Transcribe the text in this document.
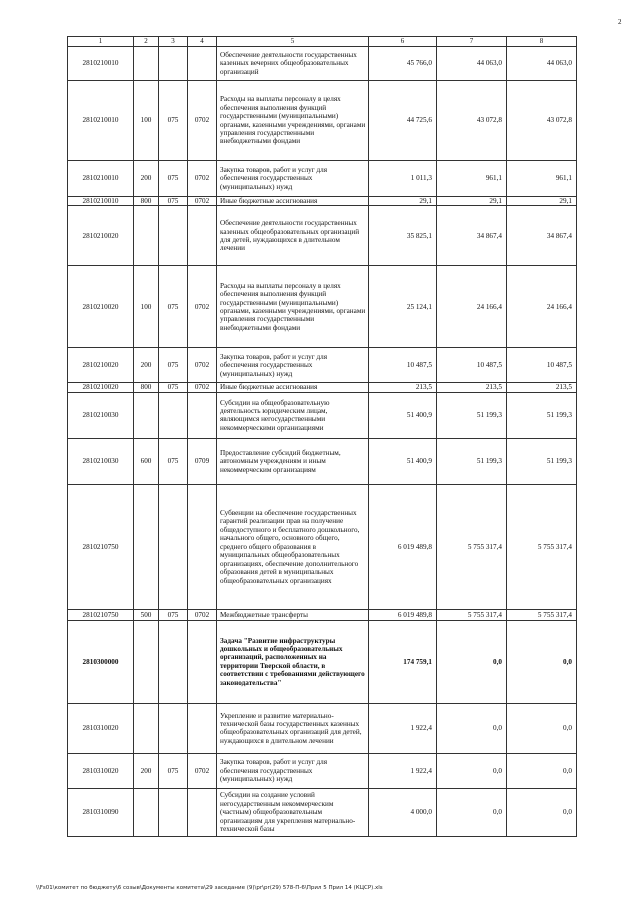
2
1	2	3	4	5	6	7	8
2810210010				Обеспечение деятельности государственных казенных вечерних общеобразовательных организаций	45 766,0	44 063,0	44 063,0
2810210010	100	075	0702	Расходы на выплаты персоналу в целях обеспечения выполнения функций государственными (муниципальными) органами, казенными учреждениями, органами управления государственными внебюджетными фондами	44 725,6	43 072,8	43 072,8
2810210010	200	075	0702	Закупка товаров, работ и услуг для обеспечения государственных (муниципальных) нужд	1 011,3	961,1	961,1
2810210010	800	075	0702	Иные бюджетные ассигнования	29,1	29,1	29,1
2810210020				Обеспечение деятельности государственных казенных общеобразовательных организаций для детей, нуждающихся в длительном лечении	35 825,1	34 867,4	34 867,4
2810210020	100	075	0702	Расходы на выплаты персоналу в целях обеспечения выполнения функций государственными (муниципальными) органами, казенными учреждениями, органами управления государственными внебюджетными фондами	25 124,1	24 166,4	24 166,4
2810210020	200	075	0702	Закупка товаров, работ и услуг для обеспечения государственных (муниципальных) нужд	10 487,5	10 487,5	10 487,5
2810210020	800	075	0702	Иные бюджетные ассигнования	213,5	213,5	213,5
2810210030				Субсидии на общеобразовательную деятельность юридическим лицам, являющимся негосударственными некоммерческими организациями	51 400,9	51 199,3	51 199,3
2810210030	600	075	0709	Предоставление субсидий бюджетным, автономным учреждениям и иным некоммерческим организациям	51 400,9	51 199,3	51 199,3
2810210750				Субвенции на обеспечение государственных гарантий реализации прав на получение общедоступного и бесплатного дошкольного, начального общего, основного общего, среднего общего образования в муниципальных общеобразовательных организациях, обеспечение дополнительного образования детей в муниципальных общеобразовательных организациях	6 019 489,8	5 755 317,4	5 755 317,4
2810210750	500	075	0702	Межбюджетные трансферты	6 019 489,8	5 755 317,4	5 755 317,4
2810300000				Задача "Развитие инфраструктуры дошкольных и общеобразовательных организаций, расположенных на территории Тверской области, в соответствии с требованиями действующего законодательства"	174 759,1	0,0	0,0
2810310020				Укрепление и развитие материально-технической базы государственных казенных общеобразовательных организаций для детей, нуждающихся в длительном лечении	1 922,4	0,0	0,0
2810310020	200	075	0702	Закупка товаров, работ и услуг для обеспечения государственных (муниципальных) нужд	1 922,4	0,0	0,0
2810310090				Субсидии на создание условий негосударственным некоммерческим (частным) общеобразовательным организациям для укрепления материально-технической базы	4 000,0	0,0	0,0
\\Fs01\комитет по бюджету\6 созыв\Документы комитета\29 заседание (9)\pr\pr(29) 578-П-6\Прил 5 Прил 14 (КЦСР).xls
